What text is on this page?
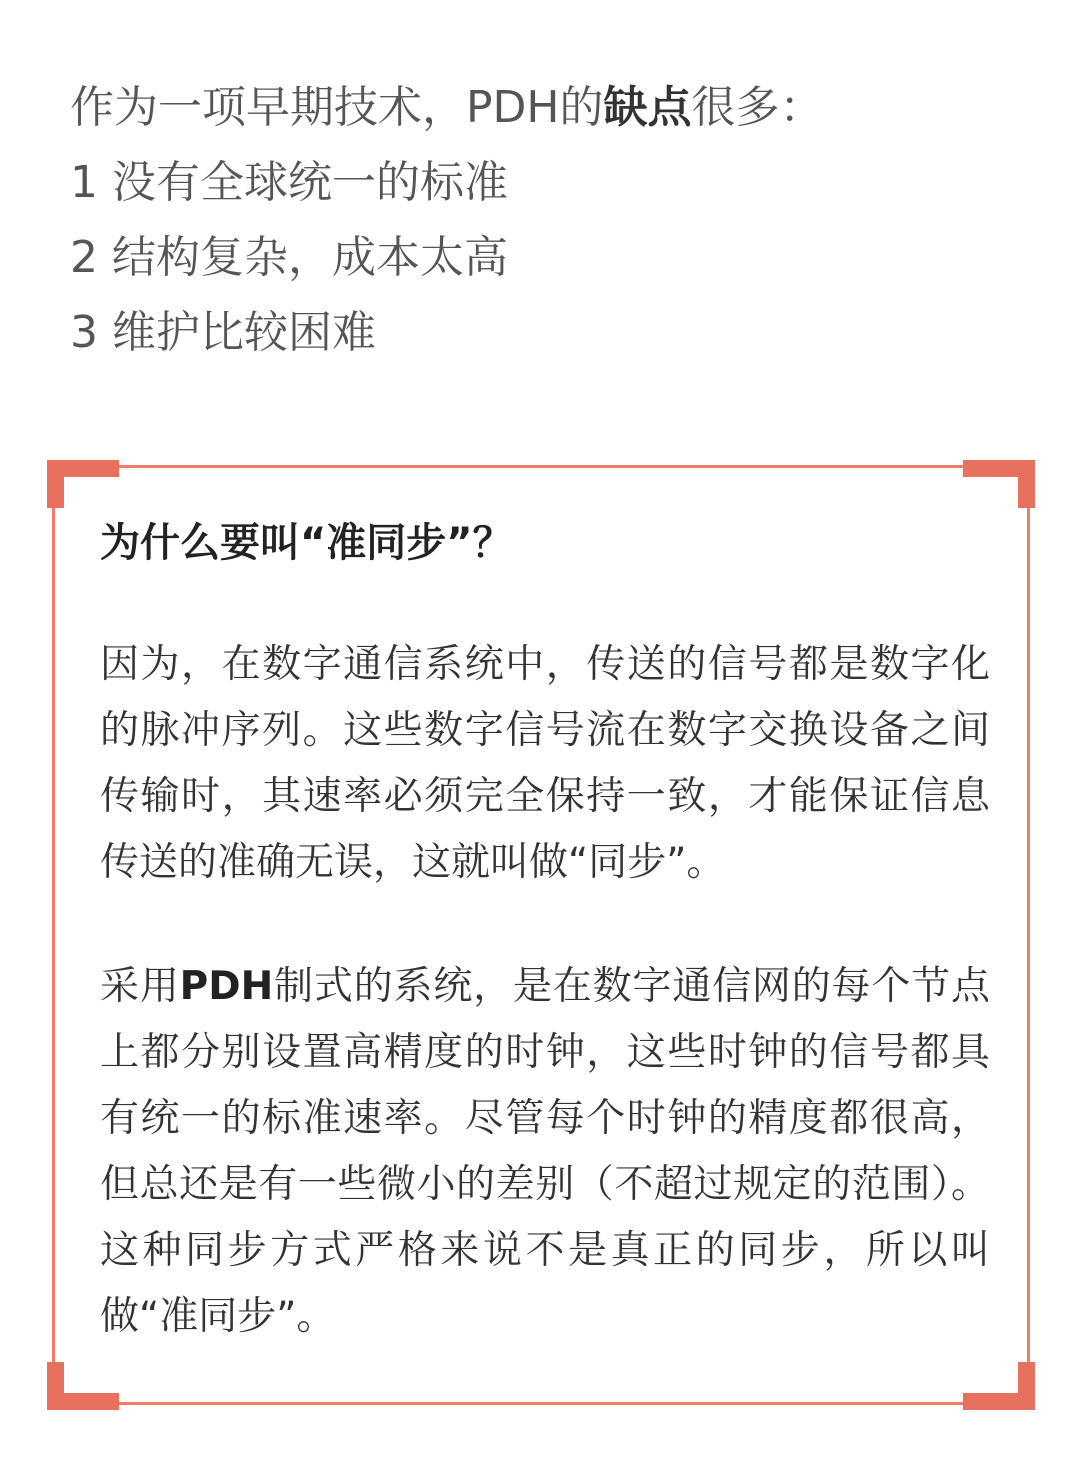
作为一项早期技术，PDH的缺点很多：
1 没有全球统一的标准
2 结构复杂，成本太高
3 维护比较困难
为什么要叫“准同步”？
因为，在数字通信系统中，传送的信号都是数字化的脉冲序列。这些数字信号流在数字交换设备之间传输时，其速率必须完全保持一致，才能保证信息传送的准确无误，这就叫做“同步”。
采用PDH制式的系统，是在数字通信网的每个节点上都分别设置高精度的时钟，这些时钟的信号都具有统一的标准速率。尽管每个时钟的精度都很高，但总还是有一些微小的差别（不超过规定的范围）。这种同步方式严格来说不是真正的同步，所以叫做“准同步”。
